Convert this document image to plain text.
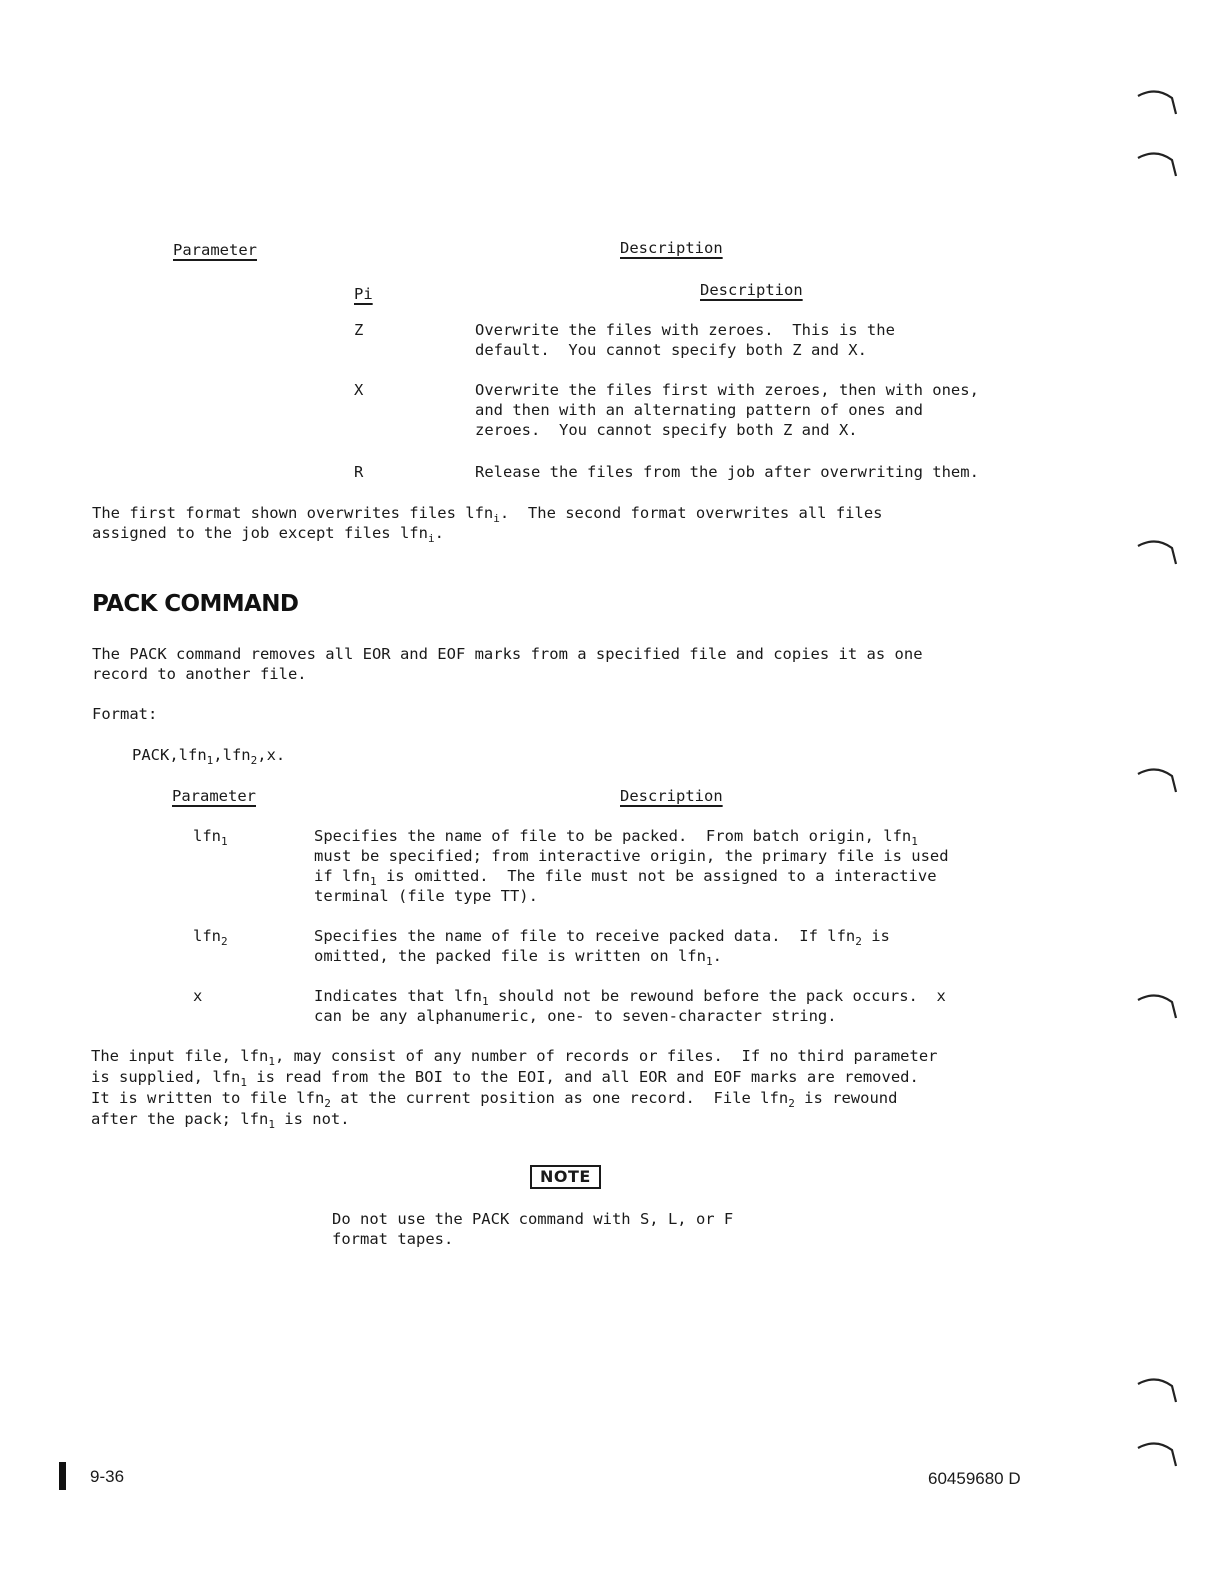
Parameter	Description
Pi	Description
Z	Overwrite the files with zeroes.  This is the
default.  You cannot specify both Z and X.
X	Overwrite the files first with zeroes, then with ones,
and then with an alternating pattern of ones and
zeroes.  You cannot specify both Z and X.
R	Release the files from the job after overwriting them.
The first format shown overwrites files lfn$_i$.  The second format overwrites all files
assigned to the job except files lfn$_i$.
PACK COMMAND
The PACK command removes all EOR and EOF marks from a specified file and copies it as one
record to another file.
Format:
PACK,lfn$_1$,lfn$_2$,x.
Parameter	Description
lfn$_1$	Specifies the name of file to be packed.  From batch origin, lfn$_1$
must be specified; from interactive origin, the primary file is used
if lfn$_1$ is omitted.  The file must not be assigned to a interactive
terminal (file type TT).
lfn$_2$	Specifies the name of file to receive packed data.  If lfn$_2$ is
omitted, the packed file is written on lfn$_1$.
x	Indicates that lfn$_1$ should not be rewound before the pack occurs.  x
can be any alphanumeric, one- to seven-character string.
The input file, lfn$_1$, may consist of any number of records or files.  If no third parameter
is supplied, lfn$_1$ is read from the BOI to the EOI, and all EOR and EOF marks are removed.
It is written to file lfn$_2$ at the current position as one record.  File lfn$_2$ is rewound
after the pack; lfn$_1$ is not.
NOTE
Do not use the PACK command with S, L, or F
format tapes.
9-36	60459680 D
